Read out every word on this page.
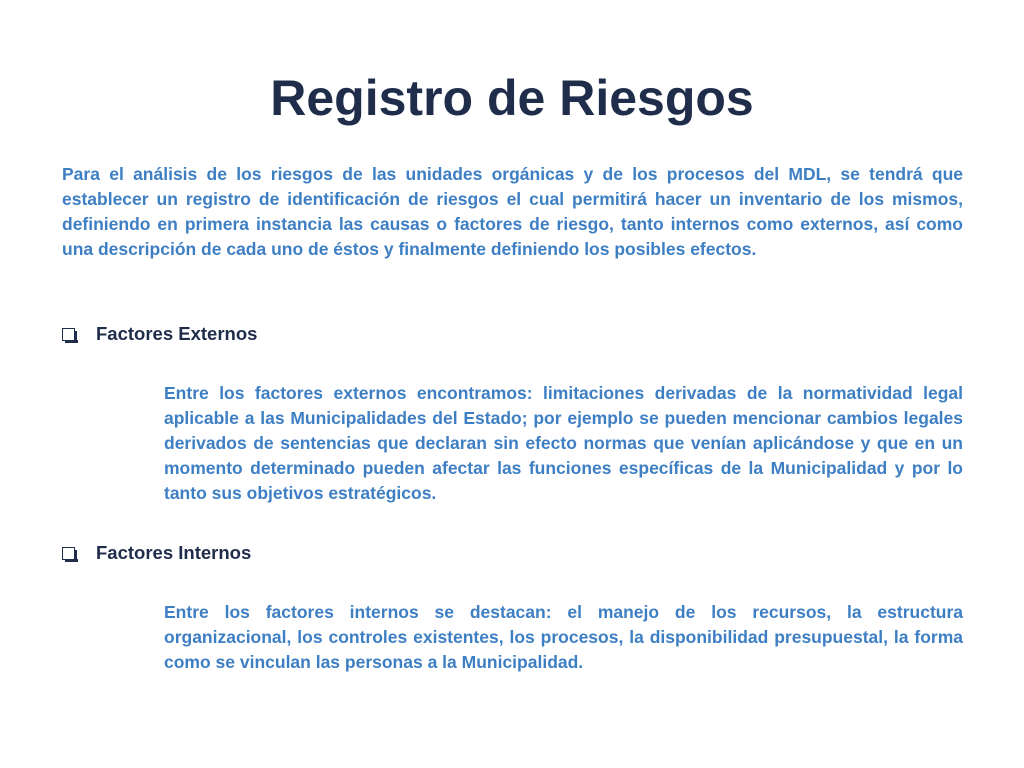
Registro de Riesgos

Para el análisis de los riesgos de las unidades orgánicas y de los procesos del MDL, se tendrá que establecer un registro de identificación de riesgos el cual permitirá hacer un inventario de los mismos, definiendo en primera instancia las causas o factores de riesgo, tanto internos como externos, así como una descripción de cada uno de éstos y finalmente definiendo los posibles efectos.

Factores Externos

Entre los factores externos encontramos: limitaciones derivadas de la normatividad legal aplicable a las Municipalidades del Estado; por ejemplo se pueden mencionar cambios legales derivados de sentencias que declaran sin efecto normas que venían aplicándose y que en un momento determinado pueden afectar las funciones específicas de la Municipalidad y por lo tanto sus objetivos estratégicos.

Factores Internos

Entre los factores internos se destacan: el manejo de los recursos, la estructura organizacional, los controles existentes, los procesos, la disponibilidad presupuestal, la forma como se vinculan las personas a la Municipalidad.
